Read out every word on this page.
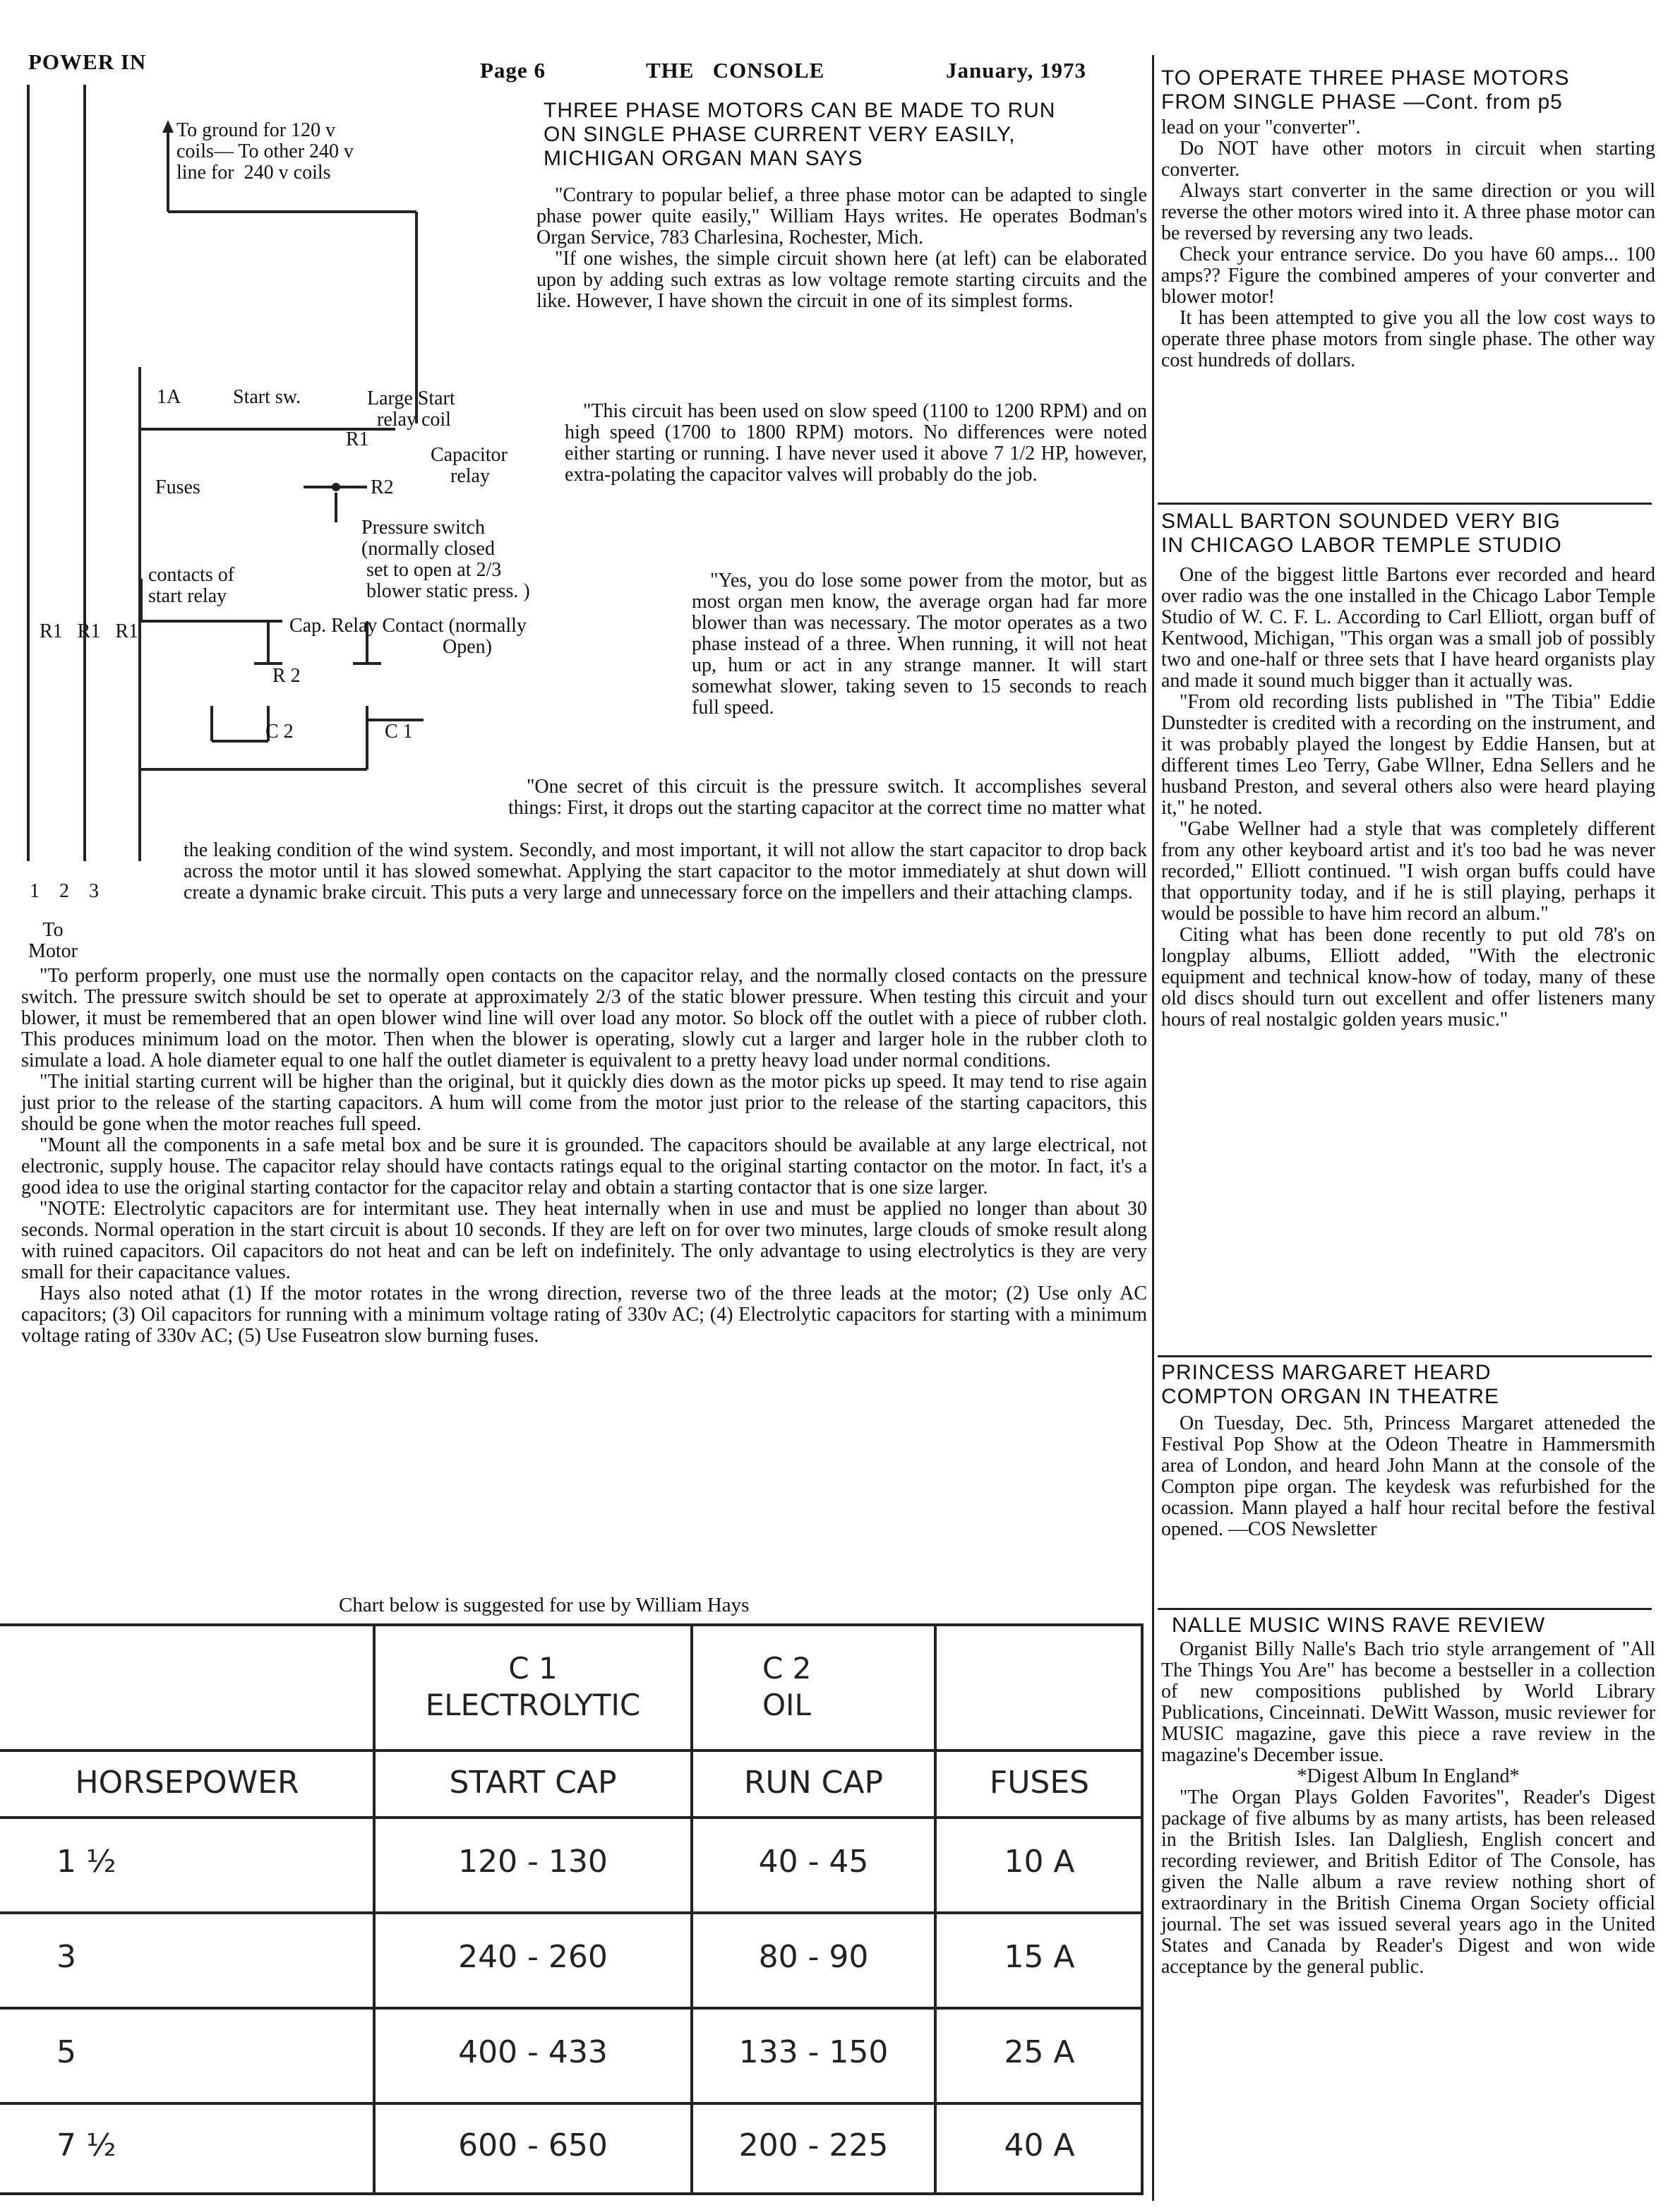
POWER IN	Page 6	THE   CONSOLE	January, 1973
To ground for 120 v
coils— To other 240 v
line for  240 v coils
1A	Start sw.	Large Start
relay coil
R1
R2
Capacitor
relay
Fuses
Pressure switch
(normally closed
set to open at 2/3
blower static press. )
contacts of
start relay
R1   R1   R1	Cap. Relay Contact (normally
Open)
R 2
C 2	C 1
1    2    3
To
Motor
THREE PHASE MOTORS CAN BE MADE TO RUN
ON SINGLE PHASE CURRENT VERY EASILY,
MICHIGAN ORGAN MAN SAYS

"Contrary to popular belief, a three phase motor can be adapted to single phase power quite easily," William Hays writes. He operates Bodman's Organ Service, 783 Charlesina, Rochester, Mich.

"If one wishes, the simple circuit shown here (at left) can be elaborated upon by adding such extras as low voltage remote starting circuits and the like. However, I have shown the circuit in one of its simplest forms.

"This circuit has been used on slow speed (1100 to 1200 RPM) and on high speed (1700 to 1800 RPM) motors. No differences were noted either starting or running. I have never used it above 7 1/2 HP, however, extra-polating the capacitor valves will probably do the job.

"Yes, you do lose some power from the motor, but as most organ men know, the average organ had far more blower than was necessary. The motor operates as a two phase instead of a three. When running, it will not heat up, hum or act in any strange manner. It will start somewhat slower, taking seven to 15 seconds to reach full speed.

"One secret of this circuit is the pressure switch. It accomplishes several things: First, it drops out the starting capacitor at the correct time no matter what

the leaking condition of the wind system. Secondly, and most important, it will not allow the start capacitor to drop back across the motor until it has slowed somewhat. Applying the start capacitor to the motor immediately at shut down will create a dynamic brake circuit. This puts a very large and unnecessary force on the impellers and their attaching clamps.

"To perform properly, one must use the normally open contacts on the capacitor relay, and the normally closed contacts on the pressure switch. The pressure switch should be set to operate at approximately 2/3 of the static blower pressure. When testing this circuit and your blower, it must be remembered that an open blower wind line will over load any motor. So block off the outlet with a piece of rubber cloth. This produces minimum load on the motor. Then when the blower is operating, slowly cut a larger and larger hole in the rubber cloth to simulate a load. A hole diameter equal to one half the outlet diameter is equivalent to a pretty heavy load under normal conditions.

"The initial starting current will be higher than the original, but it quickly dies down as the motor picks up speed. It may tend to rise again just prior to the release of the starting capacitors. A hum will come from the motor just prior to the release of the starting capacitors, this should be gone when the motor reaches full speed.

"Mount all the components in a safe metal box and be sure it is grounded. The capacitors should be available at any large electrical, not electronic, supply house. The capacitor relay should have contacts ratings equal to the original starting contactor on the motor. In fact, it's a good idea to use the original starting contactor for the capacitor relay and obtain a starting contactor that is one size larger.

"NOTE: Electrolytic capacitors are for intermitant use. They heat internally when in use and must be applied no longer than about 30 seconds. Normal operation in the start circuit is about 10 seconds. If they are left on for over two minutes, large clouds of smoke result along with ruined capacitors. Oil capacitors do not heat and can be left on indefinitely. The only advantage to using electrolytics is they are very small for their capacitance values.

Hays also noted athat (1) If the motor rotates in the wrong direction, reverse two of the three leads at the motor; (2) Use only AC capacitors; (3) Oil capacitors for running with a minimum voltage rating of 330v AC; (4) Electrolytic capacitors for starting with a minimum voltage rating of 330v AC; (5) Use Fuseatron slow burning fuses.

Chart below is suggested for use by William Hays
C 1
ELECTROLYTIC
C 2
OIL
HORSEPOWER	START CAP	RUN CAP	FUSES
1 ½	120 - 130	40 - 45	10 A
3	240 - 260	80 - 90	15 A
5	400 - 433	133 - 150	25 A
7 ½	600 - 650	200 - 225	40 A
TO OPERATE THREE PHASE MOTORS
FROM SINGLE PHASE —Cont. from p5

lead on your "converter".

Do NOT have other motors in circuit when starting converter.

Always start converter in the same direction or you will reverse the other motors wired into it. A three phase motor can be reversed by reversing any two leads.

Check your entrance service. Do you have 60 amps... 100 amps?? Figure the combined amperes of your converter and blower motor!

It has been attempted to give you all the low cost ways to operate three phase motors from single phase. The other way cost hundreds of dollars.

SMALL BARTON SOUNDED VERY BIG
IN CHICAGO LABOR TEMPLE STUDIO

One of the biggest little Bartons ever recorded and heard over radio was the one installed in the Chicago Labor Temple Studio of W. C. F. L. According to Carl Elliott, organ buff of Kentwood, Michigan, "This organ was a small job of possibly two and one-half or three sets that I have heard organists play and made it sound much bigger than it actually was.

"From old recording lists published in "The Tibia" Eddie Dunstedter is credited with a recording on the instrument, and it was probably played the longest by Eddie Hansen, but at different times Leo Terry, Gabe Wllner, Edna Sellers and he husband Preston, and several others also were heard playing it," he noted.

"Gabe Wellner had a style that was completely different from any other keyboard artist and it's too bad he was never recorded," Elliott continued. "I wish organ buffs could have that opportunity today, and if he is still playing, perhaps it would be possible to have him record an album."

Citing what has been done recently to put old 78's on longplay albums, Elliott added, "With the electronic equipment and technical know-how of today, many of these old discs should turn out excellent and offer listeners many hours of real nostalgic golden years music."

PRINCESS MARGARET HEARD
COMPTON ORGAN IN THEATRE

On Tuesday, Dec. 5th, Princess Margaret atteneded the Festival Pop Show at the Odeon Theatre in Hammersmith area of London, and heard John Mann at the console of the Compton pipe organ. The keydesk was refurbished for the ocassion. Mann played a half hour recital before the festival opened. —COS Newsletter

NALLE MUSIC WINS RAVE REVIEW

Organist Billy Nalle's Bach trio style arrangement of "All The Things You Are" has become a bestseller in a collection of new compositions published by World Library Publications, Cinceinnati. DeWitt Wasson, music reviewer for MUSIC magazine, gave this piece a rave review in the magazine's December issue.

*Digest Album In England*

"The Organ Plays Golden Favorites", Reader's Digest package of five albums by as many artists, has been released in the British Isles. Ian Dalgliesh, English concert and recording reviewer, and British Editor of The Console, has given the Nalle album a rave review nothing short of extraordinary in the British Cinema Organ Society official journal. The set was issued several years ago in the United States and Canada by Reader's Digest and won wide acceptance by the general public.
